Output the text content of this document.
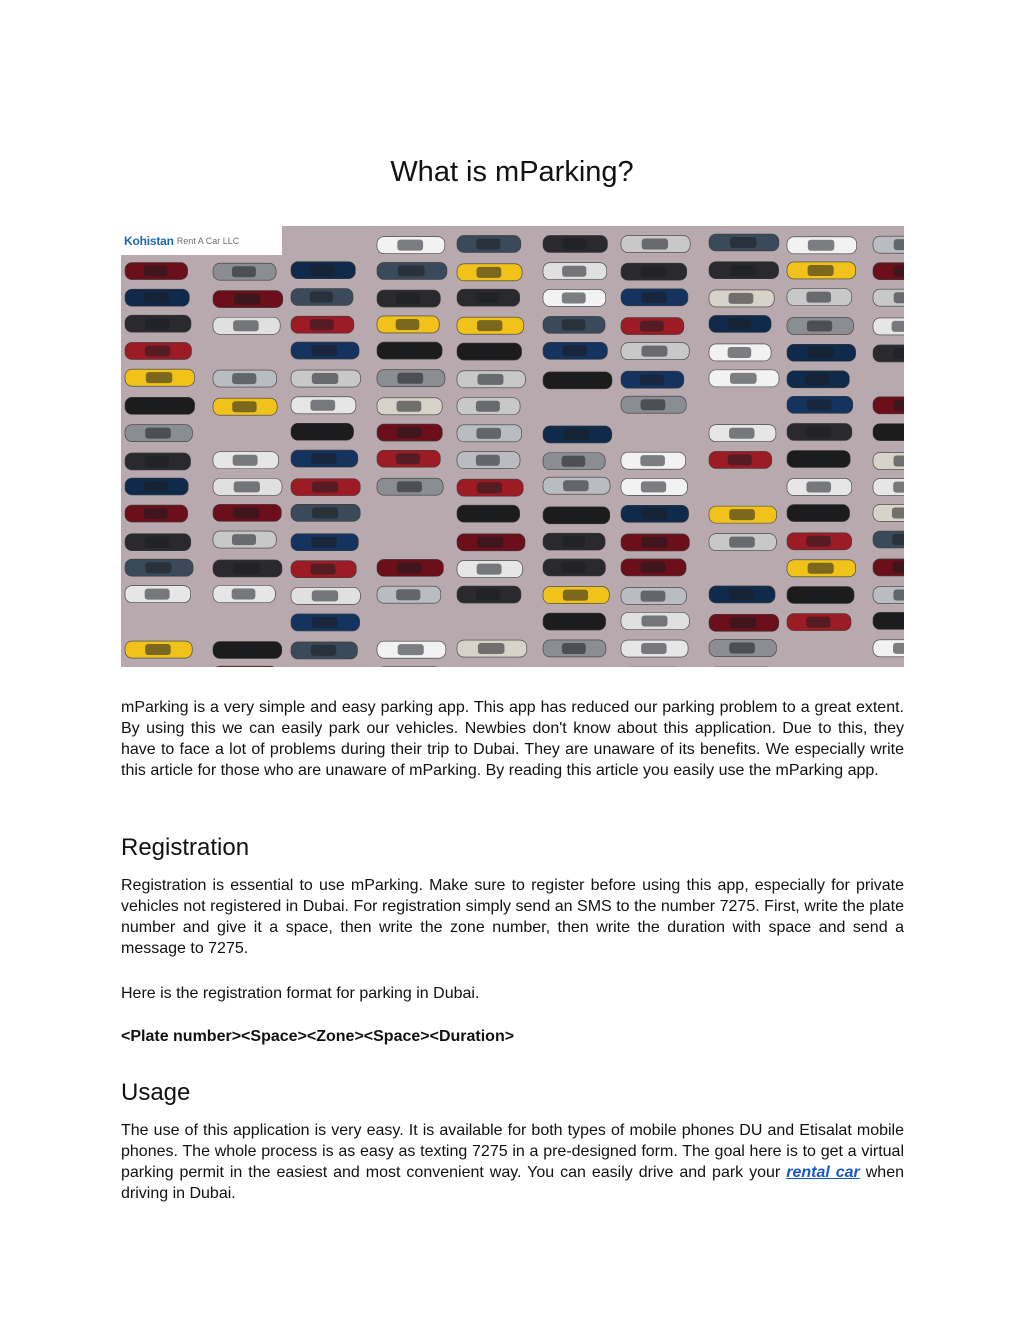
What is mParking?
Kohistan Rent A Car LLC

mParking is a very simple and easy parking app. This app has reduced our parking problem to a great extent. By using this we can easily park our vehicles. Newbies don't know about this application. Due to this, they have to face a lot of problems during their trip to Dubai. They are unaware of its benefits. We especially write this article for those who are unaware of mParking. By reading this article you easily use the mParking app.

Registration

Registration is essential to use mParking. Make sure to register before using this app, especially for private vehicles not registered in Dubai. For registration simply send an SMS to the number 7275. First, write the plate number and give it a space, then write the zone number, then write the duration with space and send a message to 7275.

Here is the registration format for parking in Dubai.

<Plate number><Space><Zone><Space><Duration>

Usage

The use of this application is very easy. It is available for both types of mobile phones DU and Etisalat mobile phones. The whole process is as easy as texting 7275 in a pre-designed form. The goal here is to get a virtual parking permit in the easiest and most convenient way. You can easily drive and park your rental car when driving in Dubai.
